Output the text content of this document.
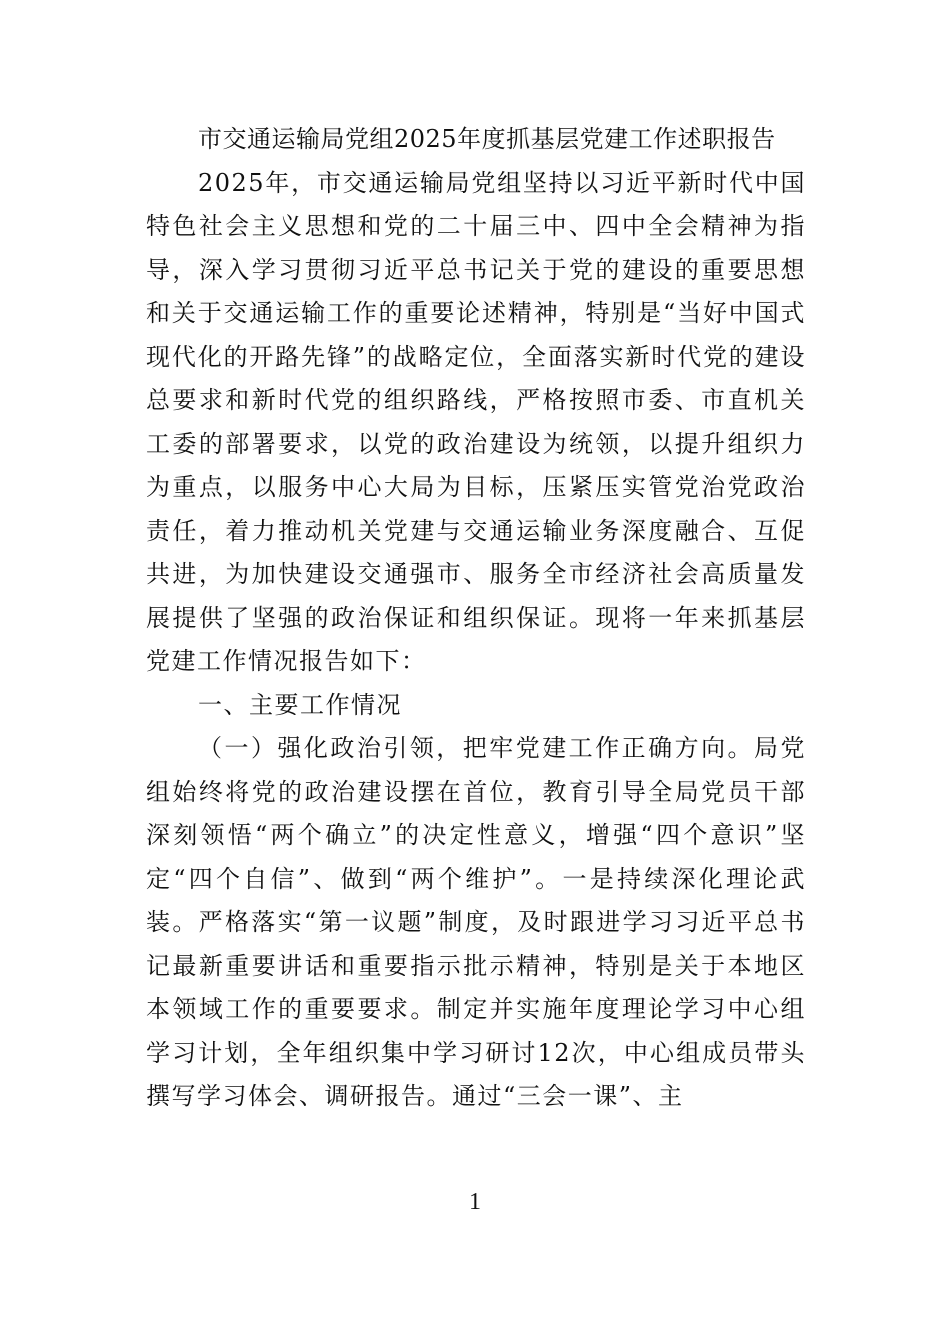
市交通运输局党组2025年度抓基层党建工作述职报告

2025年，市交通运输局党组坚持以习近平新时代中国特色社会主义思想和党的二十届三中、四中全会精神为指导，深入学习贯彻习近平总书记关于党的建设的重要思想和关于交通运输工作的重要论述精神，特别是“当好中国式现代化的开路先锋”的战略定位，全面落实新时代党的建设总要求和新时代党的组织路线，严格按照市委、市直机关工委的部署要求，以党的政治建设为统领，以提升组织力为重点，以服务中心大局为目标，压紧压实管党治党政治责任，着力推动机关党建与交通运输业务深度融合、互促共进，为加快建设交通强市、服务全市经济社会高质量发展提供了坚强的政治保证和组织保证。现将一年来抓基层党建工作情况报告如下：

一、主要工作情况

（一）强化政治引领，把牢党建工作正确方向。局党组始终将党的政治建设摆在首位，教育引导全局党员干部深刻领悟“两个确立”的决定性意义，增强“四个意识”坚定“四个自信”、做到“两个维护”。一是持续深化理论武装。严格落实“第一议题”制度，及时跟进学习习近平总书记最新重要讲话和重要指示批示精神，特别是关于本地区本领域工作的重要要求。制定并实施年度理论学习中心组学习计划，全年组织集中学习研讨12次，中心组成员带头撰写学习体会、调研报告。通过“三会一课”、主

1
